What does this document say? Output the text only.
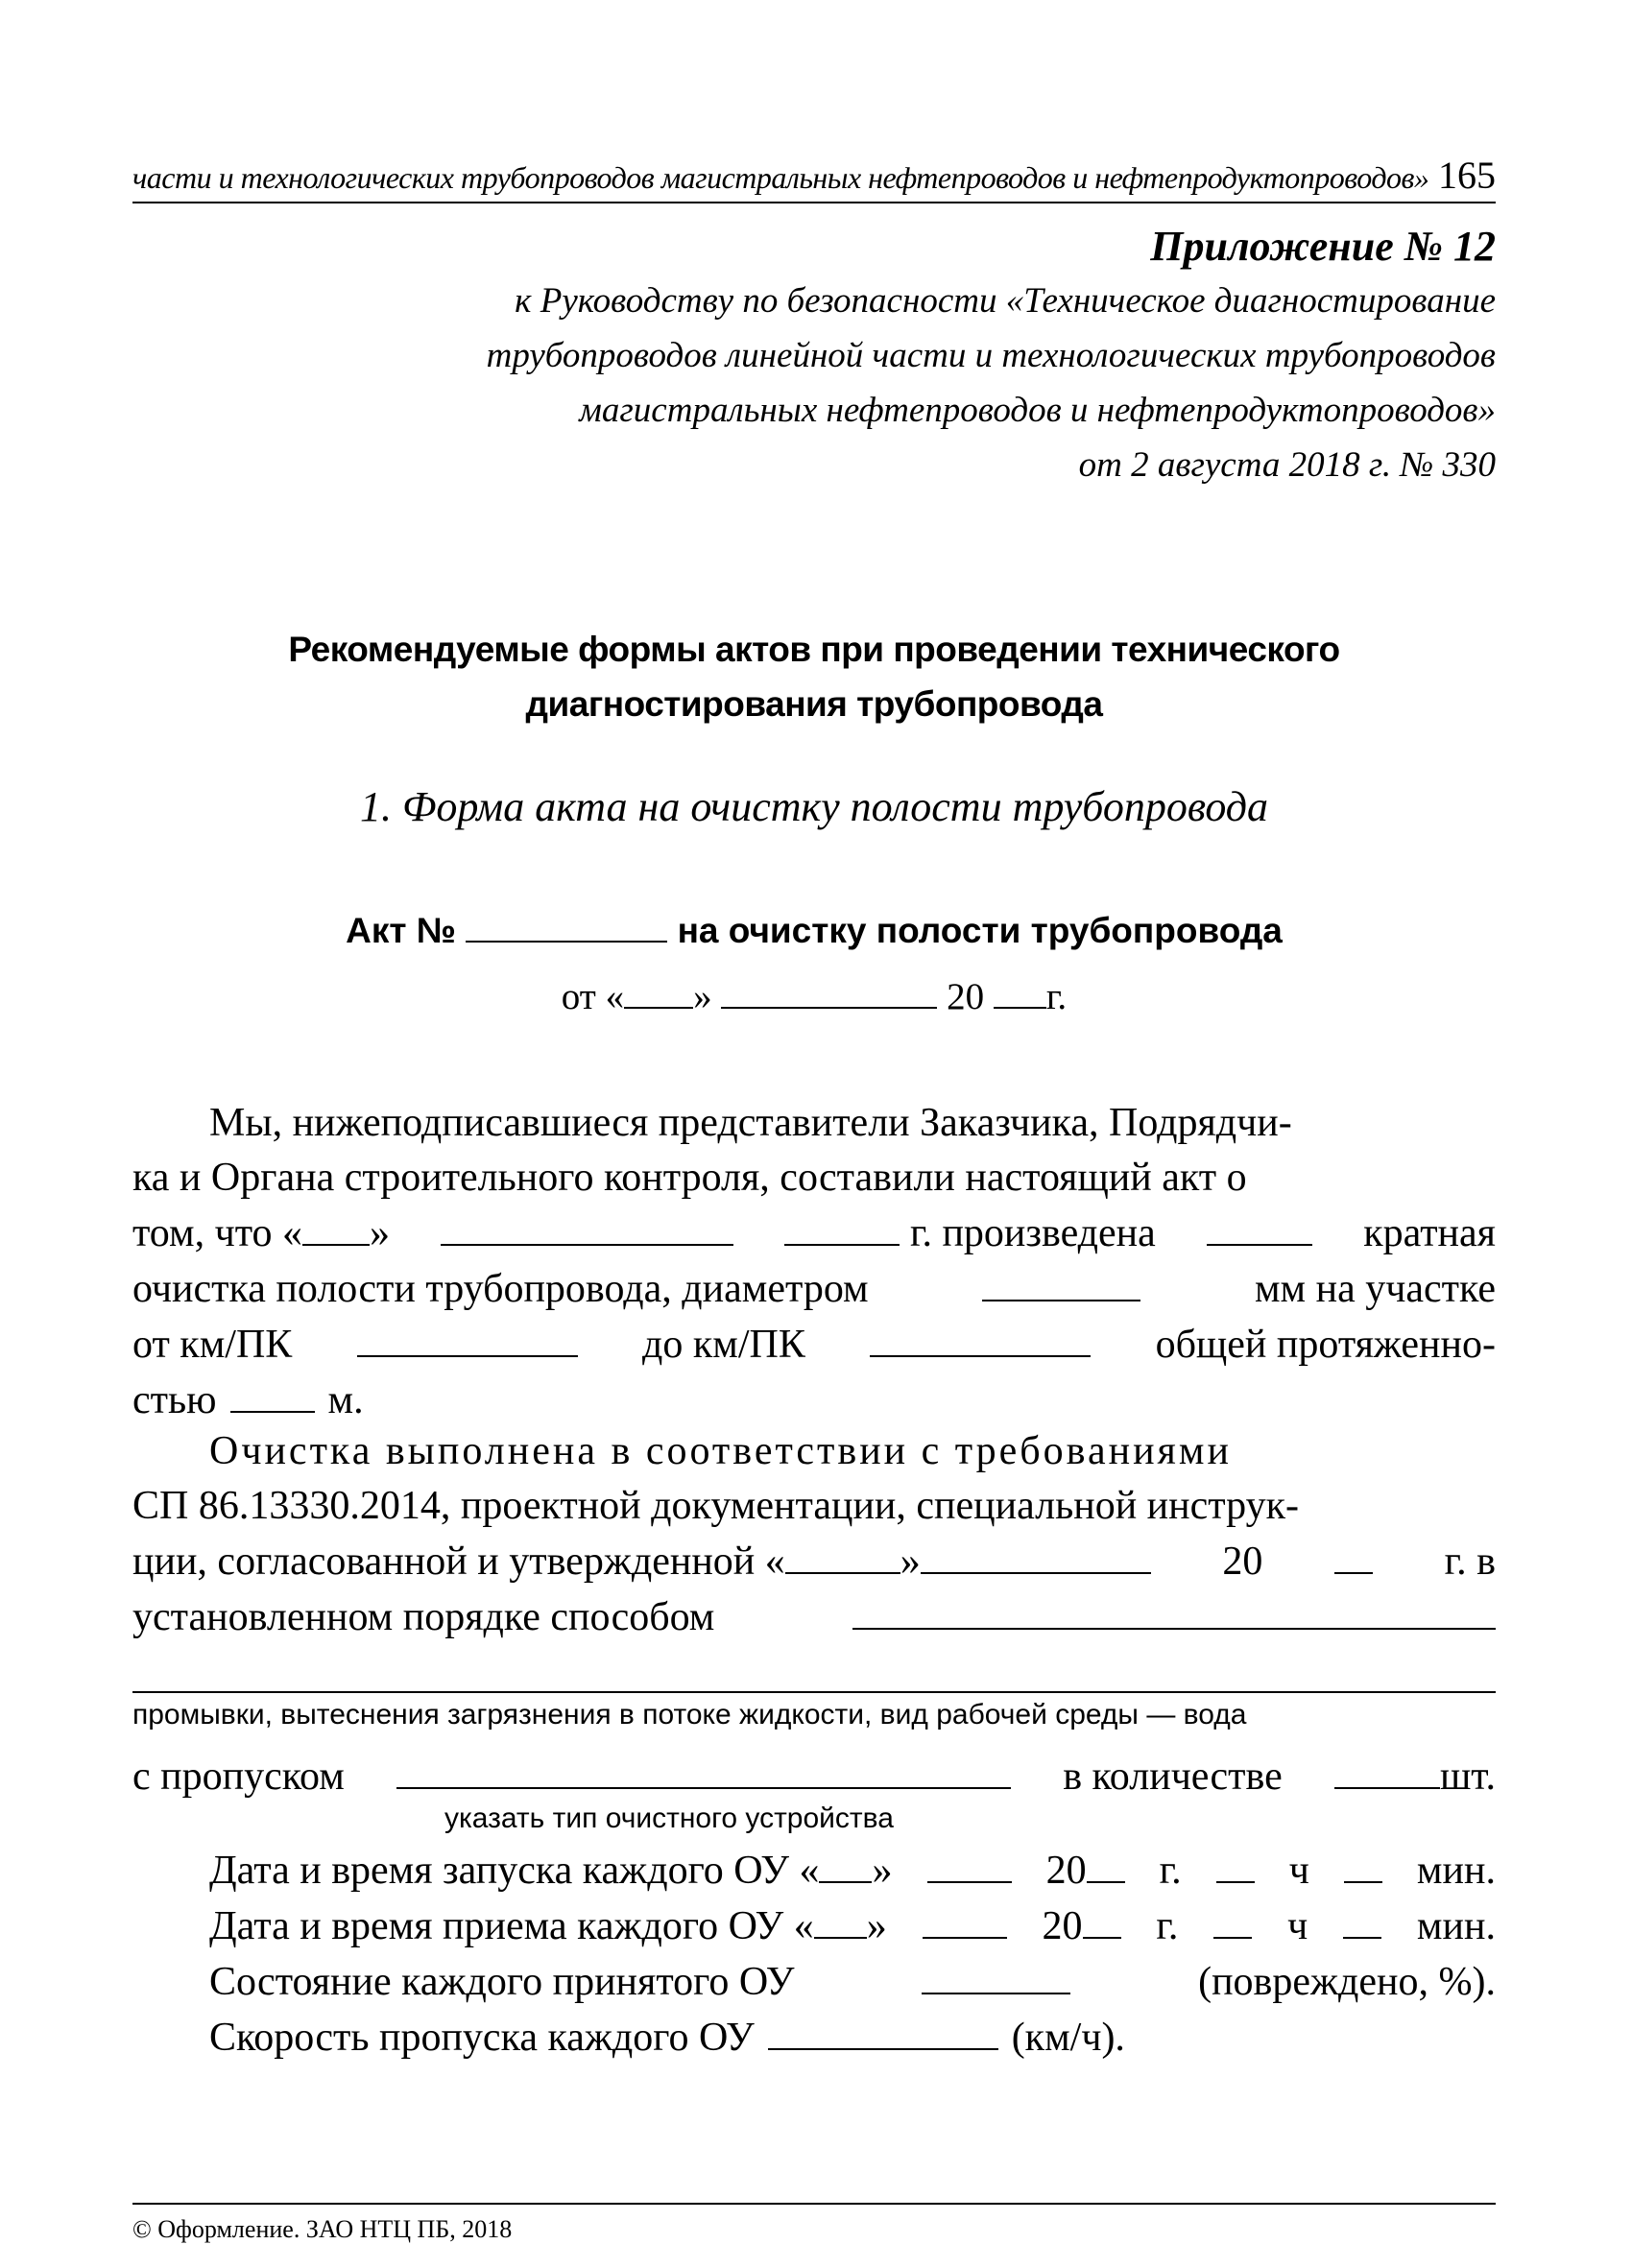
части и технологических трубопроводов магистральных нефтепроводов и нефтепродуктопроводов» 165
Приложение № 12
к Руководству по безопасности «Техническое диагностирование
трубопроводов линейной части и технологических трубопроводов
магистральных нефтепроводов и нефтепродуктопроводов»
от 2 августа 2018 г. № 330
Рекомендуемые формы актов при проведении технического
диагностирования трубопровода
1. Форма акта на очистку полости трубопровода
Акт №	на очистку полости трубопровода
от « »	20 г.
Мы, нижеподписавшиеся представители Заказчика, Подрядчи-
ка и Органа строительного контроля, составили настоящий акт о
том, что « »	г. произведена	кратная
очистка полости трубопровода, диаметром	мм на участке
от км/ПК	до км/ПК	общей протяженно-
стью	м.
Очистка выполнена в соответствии с требованиями
СП 86.13330.2014, проектной документации, специальной инструк-
ции, согласованной и утвержденной «	»	20	г. в
установленном порядке способом
промывки, вытеснения загрязнения в потоке жидкости, вид рабочей среды — вода
с пропуском	в количестве	шт.
указать тип очистного устройства
Дата и время запуска каждого ОУ « »	20	г.	ч	мин.
Дата и время приема каждого ОУ « »	20	г.	ч	мин.
Состояние каждого принятого ОУ	(повреждено, %).
Скорость пропуска каждого ОУ	(км/ч).
© Оформление. ЗАО НТЦ ПБ, 2018
